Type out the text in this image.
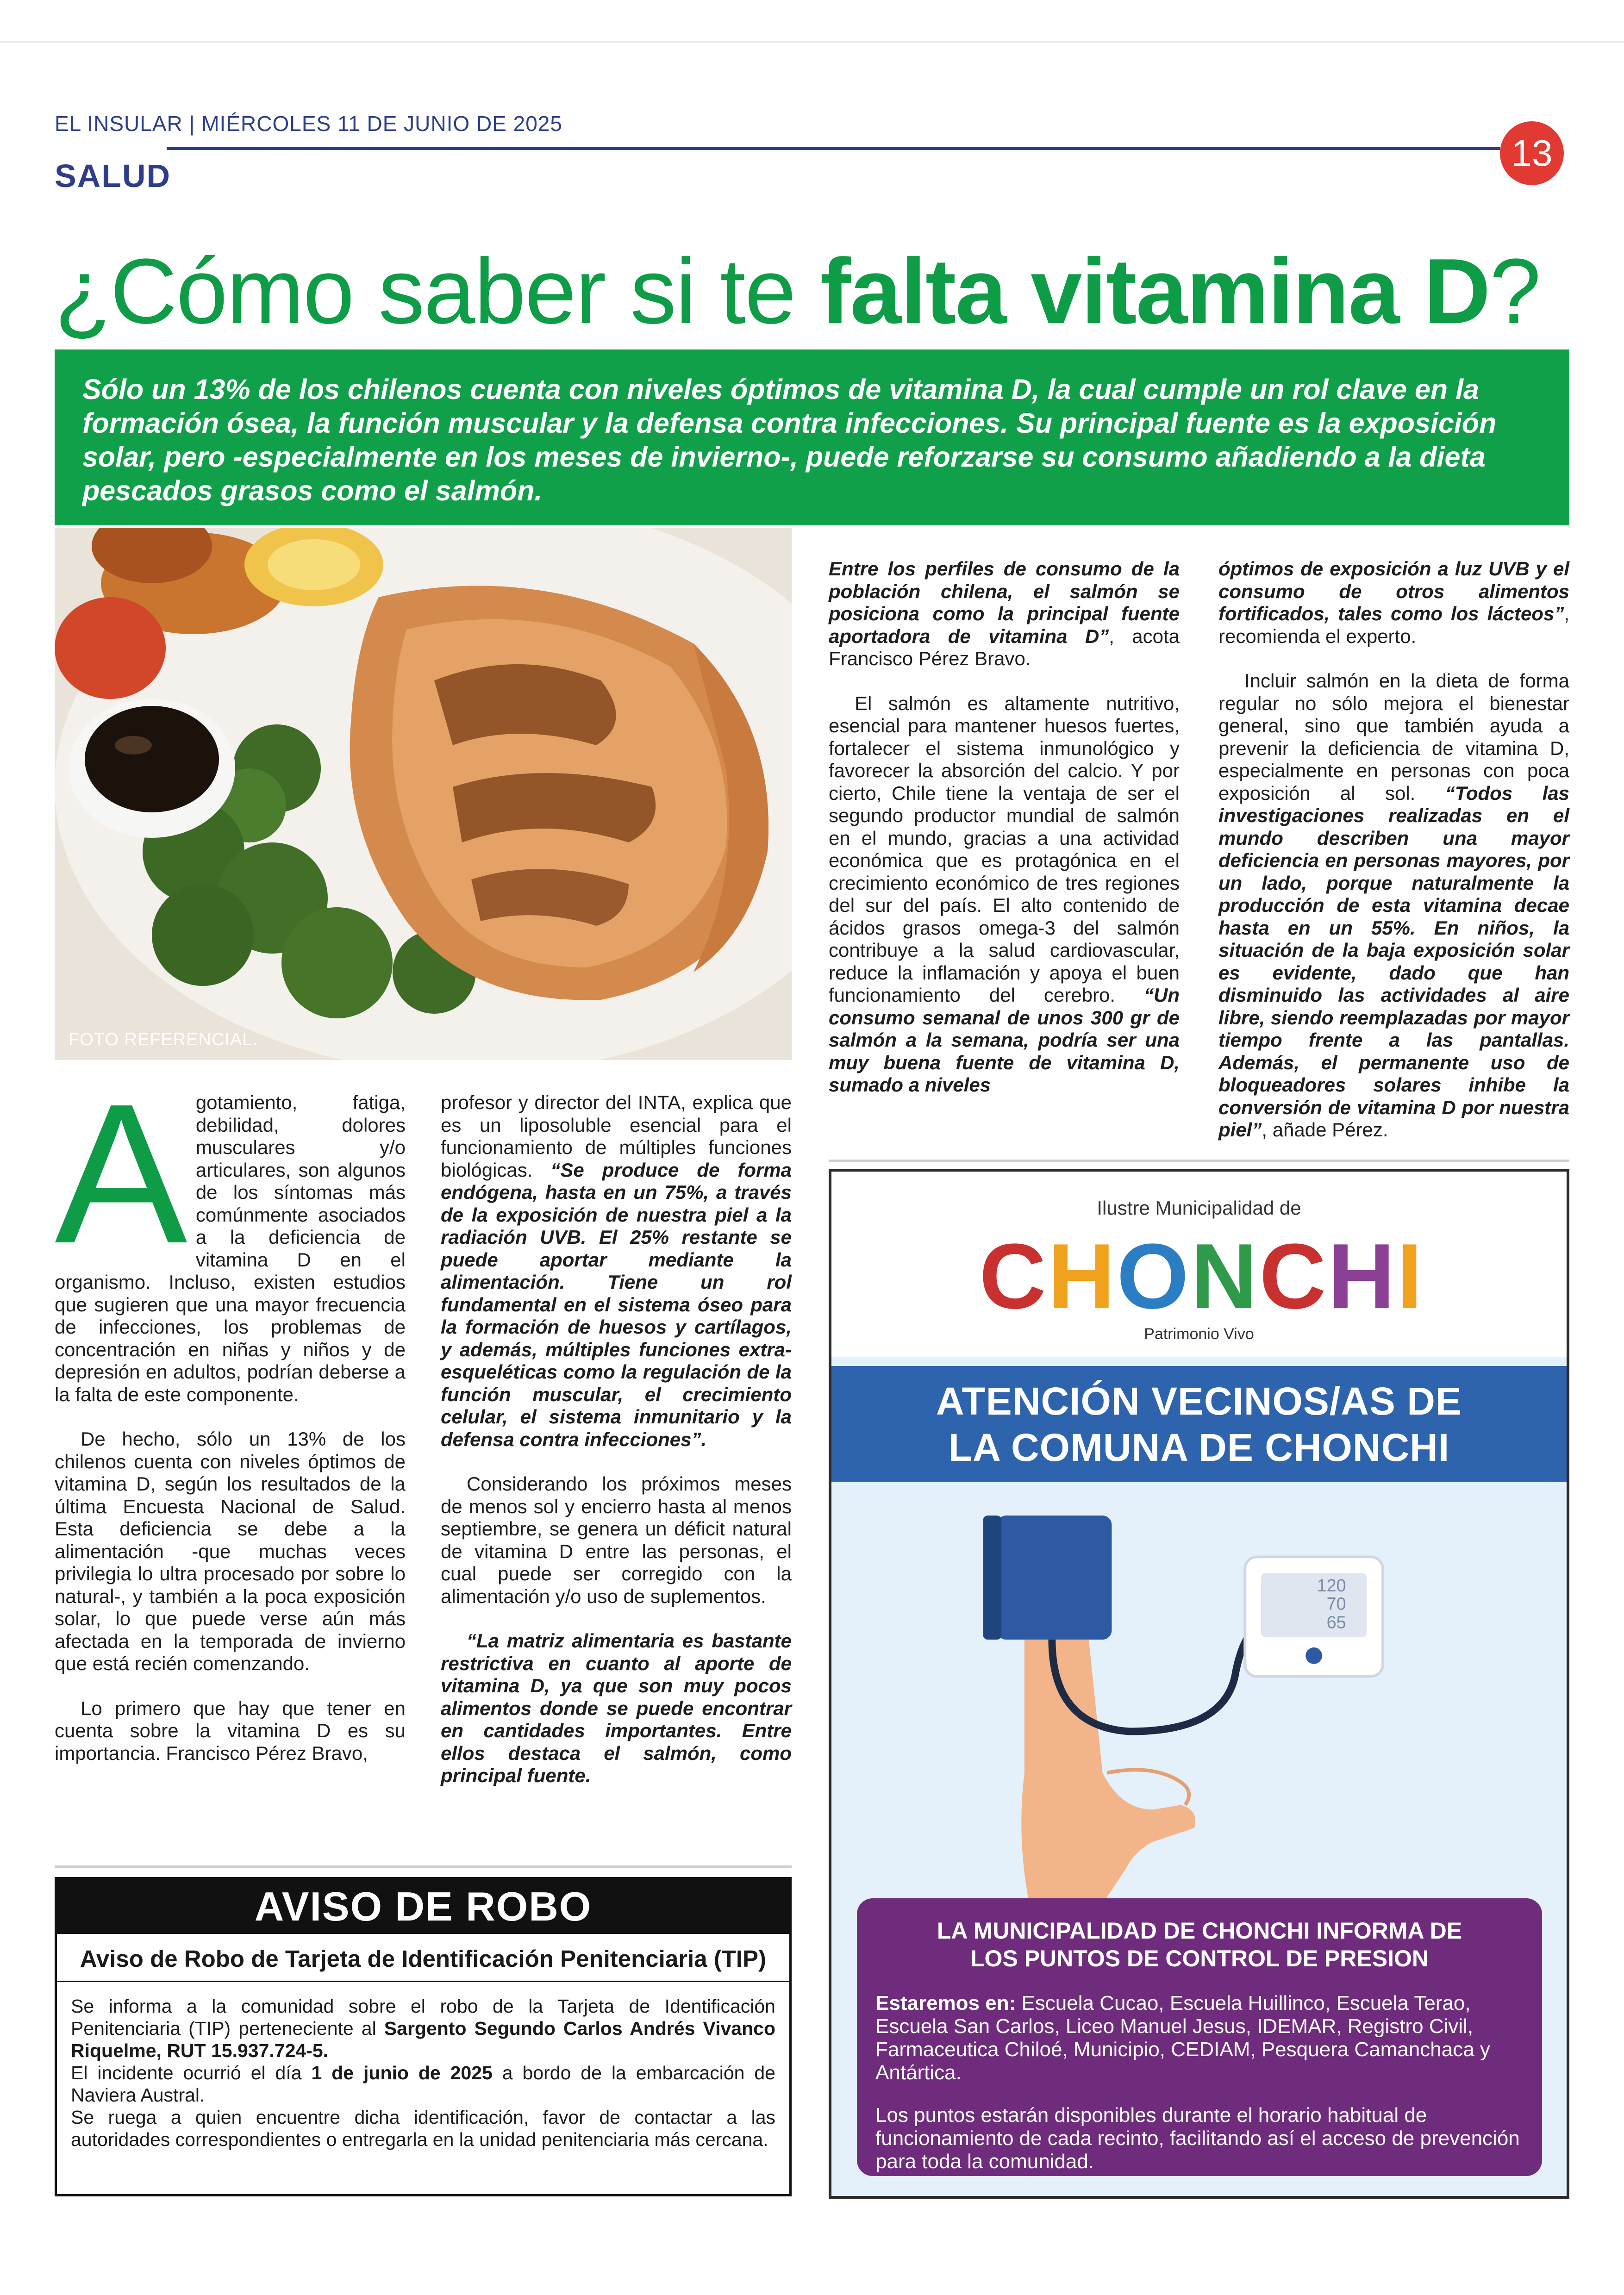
EL INSULAR | MIÉRCOLES 11 DE JUNIO DE 2025
13
SALUD
¿Cómo saber si te falta vitamina D?
Sólo un 13% de los chilenos cuenta con niveles óptimos de vitamina D, la cual cumple un rol clave en la formación ósea, la función muscular y la defensa contra infecciones. Su principal fuente es la exposición solar, pero -especialmente en los meses de invierno-, puede reforzarse su consumo añadiendo a la dieta pescados grasos como el salmón.
FOTO REFERENCIAL.
A gotamiento, fatiga, debilidad, dolores musculares y/o articulares, son algunos de los síntomas más comúnmente asociados a la deficiencia de vitamina D en el organismo. Incluso, existen estudios que sugieren que una mayor frecuencia de infecciones, los problemas de concentración en niñas y niños y de depresión en adultos, podrían deberse a la falta de este componente.

De hecho, sólo un 13% de los chilenos cuenta con niveles óptimos de vitamina D, según los resultados de la última Encuesta Nacional de Salud. Esta deficiencia se debe a la alimentación -que muchas veces privilegia lo ultra procesado por sobre lo natural-, y también a la poca exposición solar, lo que puede verse aún más afectada en la temporada de invierno que está recién comenzando.

Lo primero que hay que tener en cuenta sobre la vitamina D es su importancia. Francisco Pérez Bravo,

profesor y director del INTA, explica que es un liposoluble esencial para el funcionamiento de múltiples funciones biológicas. “Se produce de forma endógena, hasta en un 75%, a través de la exposición de nuestra piel a la radiación UVB. El 25% restante se puede aportar mediante la alimentación. Tiene un rol fundamental en el sistema óseo para la formación de huesos y cartílagos, y además, múltiples funciones extra-esqueléticas como la regulación de la función muscular, el crecimiento celular, el sistema inmunitario y la defensa contra infecciones”.

Considerando los próximos meses de menos sol y encierro hasta al menos septiembre, se genera un déficit natural de vitamina D entre las personas, el cual puede ser corregido con la alimentación y/o uso de suplementos.

“La matriz alimentaria es bastante restrictiva en cuanto al aporte de vitamina D, ya que son muy pocos alimentos donde se puede encontrar en cantidades importantes. Entre ellos destaca el salmón, como principal fuente.

Entre los perfiles de consumo de la población chilena, el salmón se posiciona como la principal fuente aportadora de vitamina D”, acota Francisco Pérez Bravo.

El salmón es altamente nutritivo, esencial para mantener huesos fuertes, fortalecer el sistema inmunológico y favorecer la absorción del calcio. Y por cierto, Chile tiene la ventaja de ser el segundo productor mundial de salmón en el mundo, gracias a una actividad económica que es protagónica en el crecimiento económico de tres regiones del sur del país. El alto contenido de ácidos grasos omega-3 del salmón contribuye a la salud cardiovascular, reduce la inflamación y apoya el buen funcionamiento del cerebro. “Un consumo semanal de unos 300 gr de salmón a la semana, podría ser una muy buena fuente de vitamina D, sumado a niveles

óptimos de exposición a luz UVB y el consumo de otros alimentos fortificados, tales como los lácteos”, recomienda el experto.

Incluir salmón en la dieta de forma regular no sólo mejora el bienestar general, sino que también ayuda a prevenir la deficiencia de vitamina D, especialmente en personas con poca exposición al sol. “Todos las investigaciones realizadas en el mundo describen una mayor deficiencia en personas mayores, por un lado, porque naturalmente la producción de esta vitamina decae hasta en un 55%. En niños, la situación de la baja exposición solar es evidente, dado que han disminuido las actividades al aire libre, siendo reemplazadas por mayor tiempo frente a las pantallas. Además, el permanente uso de bloqueadores solares inhibe la conversión de vitamina D por nuestra piel”, añade Pérez.

AVISO DE ROBO
Aviso de Robo de Tarjeta de Identificación Penitenciaria (TIP)

Se informa a la comunidad sobre el robo de la Tarjeta de Identificación Penitenciaria (TIP) perteneciente al Sargento Segundo Carlos Andrés Vivanco Riquelme, RUT 15.937.724-5.

El incidente ocurrió el día 1 de junio de 2025 a bordo de la embarcación de Naviera Austral.

Se ruega a quien encuentre dicha identificación, favor de contactar a las autoridades correspondientes o entregarla en la unidad penitenciaria más cercana.

Ilustre Municipalidad de
CHONCHI
Patrimonio Vivo
ATENCIÓN VECINOS/AS DE
LA COMUNA DE CHONCHI
120
70
65
LA MUNICIPALIDAD DE CHONCHI INFORMA DE
LOS PUNTOS DE CONTROL DE PRESION
Estaremos en: Escuela Cucao, Escuela Huillinco, Escuela Terao, Escuela San Carlos, Liceo Manuel Jesus, IDEMAR, Registro Civil, Farmaceutica Chiloé, Municipio, CEDIAM, Pesquera Camanchaca y Antártica.
Los puntos estarán disponibles durante el horario habitual de funcionamiento de cada recinto, facilitando así el acceso de prevención para toda la comunidad.
